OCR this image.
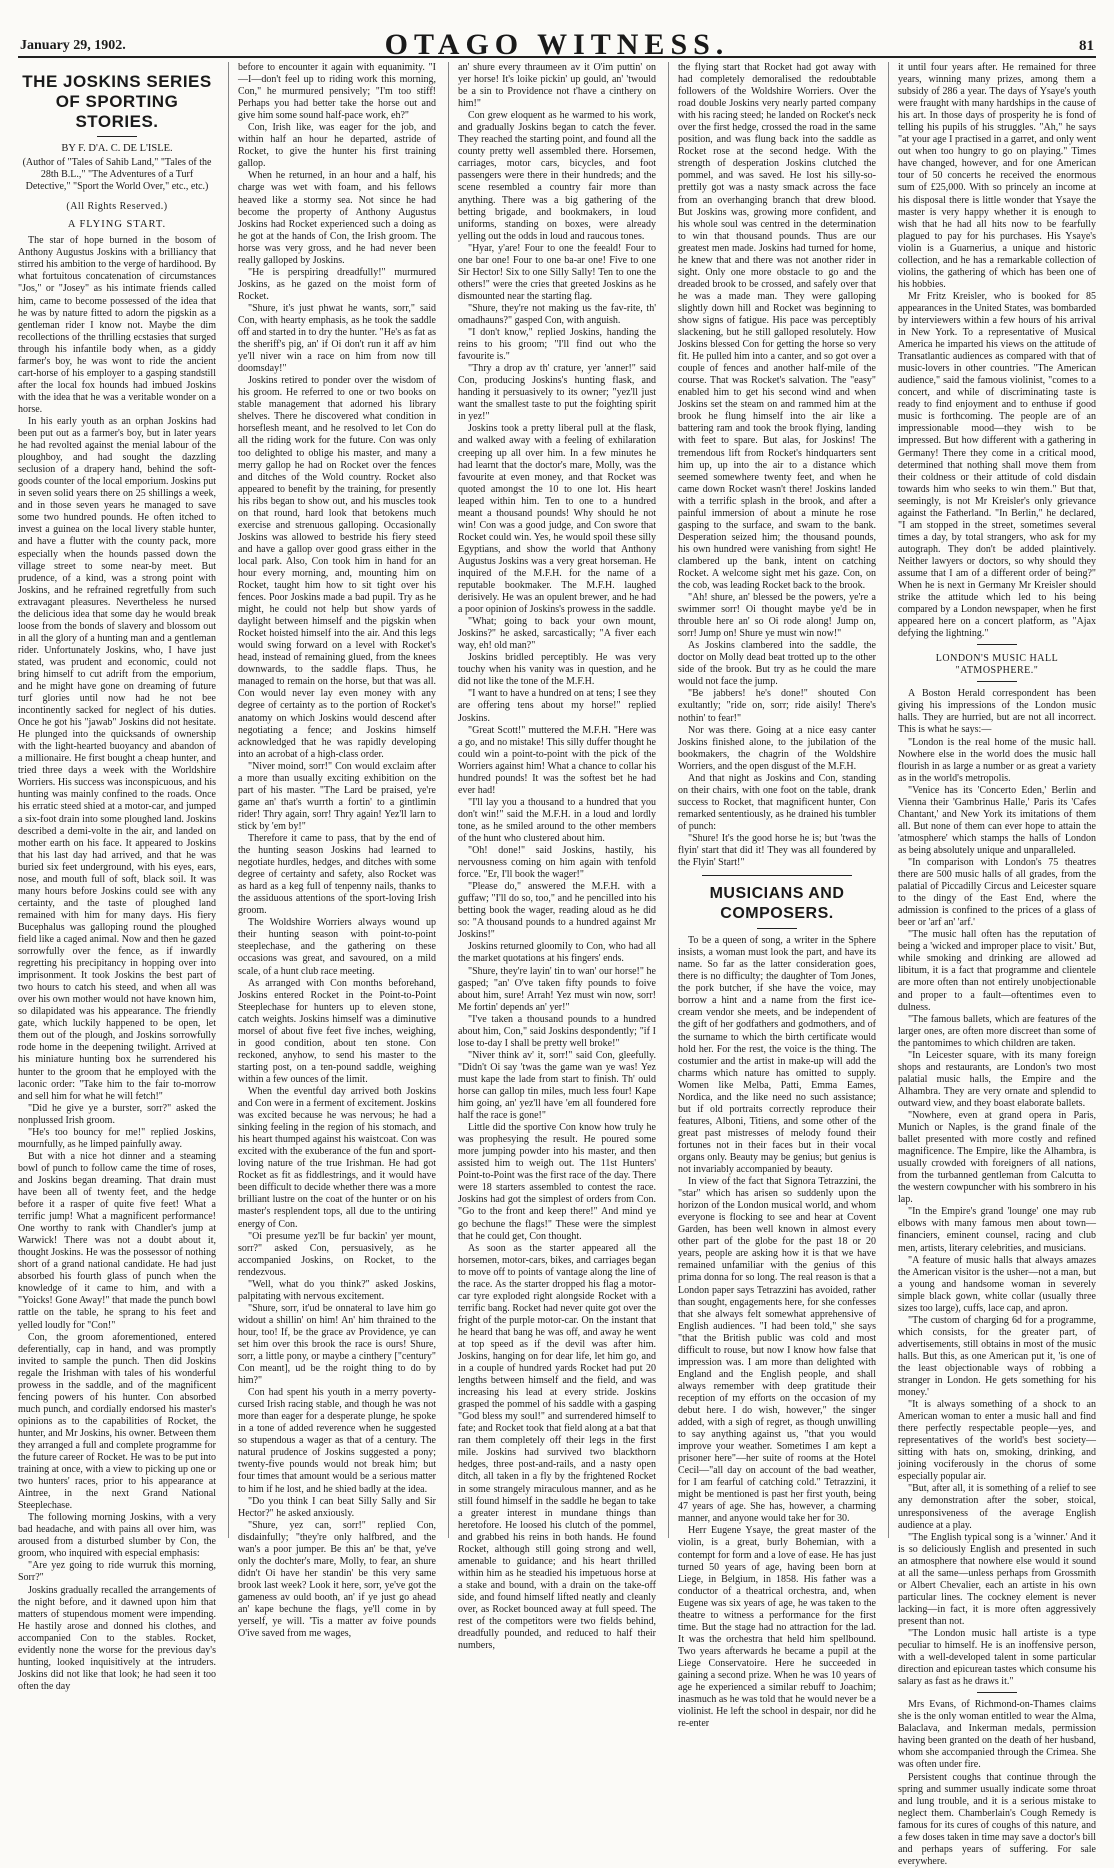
January 29, 1902.	OTAGO WITNESS.	81
THE JOSKINS SERIES OF SPORTING STORIES.
BY F. D'A. C. DE L'ISLE.

(Author of "Tales of Sahib Land," "Tales of the 28th B.L.," "The Adventures of a Turf Detective," "Sport the World Over," etc., etc.)

(All Rights Reserved.)
A FLYING START.

The star of hope burned in the bosom of Anthony Augustus Joskins with a brilliancy that stirred his ambition to the verge of hardihood. By what fortuitous concatenation of circumstances "Jos," or "Josey" as his intimate friends called him, came to become possessed of the idea that he was by nature fitted to adorn the pigskin as a gentleman rider I know not. Maybe the dim recollections of the thrilling ecstasies that surged through his infantile body when, as a giddy farmer's boy, he was wont to ride the ancient cart-horse of his employer to a gasping standstill after the local fox hounds had imbued Joskins with the idea that he was a veritable wonder on a horse.

In his early youth as an orphan Joskins had been put out as a farmer's boy, but in later years he had revolted against the menial labour of the ploughboy, and had sought the dazzling seclusion of a drapery hand, behind the soft-goods counter of the local emporium. Joskins put in seven solid years there on 25 shillings a week, and in those seven years he managed to save some two hundred pounds. He often itched to invest a guinea on the local livery stable hunter, and have a flutter with the county pack, more especially when the hounds passed down the village street to some near-by meet. But prudence, of a kind, was a strong point with Joskins, and he refrained regretfully from such extravagant pleasures. Nevertheless he nursed the delicious idea that some day he would break loose from the bonds of slavery and blossom out in all the glory of a hunting man and a gentleman rider. Unfortunately Joskins, who, I have just stated, was prudent and economic, could not bring himself to cut adrift from the emporium, and he might have gone on dreaming of future turf glories until now had he not bee incontinently sacked for neglect of his duties. Once he got his "jawab" Joskins did not hesitate. He plunged into the quicksands of ownership with the light-hearted buoyancy and abandon of a millionaire. He first bought a cheap hunter, and tried three days a week with the Worldshire Worriers. His success was inconspicuous, and his hunting was mainly confined to the roads. Once his erratic steed shied at a motor-car, and jumped a six-foot drain into some ploughed land. Joskins described a demi-volte in the air, and landed on mother earth on his face. It appeared to Joskins that his last day had arrived, and that he was buried six feet underground, with his eyes, ears, nose, and mouth full of soft, black soil. It was many hours before Joskins could see with any certainty, and the taste of ploughed land remained with him for many days. His fiery Bucephalus was galloping round the ploughed field like a caged animal. Now and then he gazed sorrowfully over the fence, as if inwardly regretting his precipitancy in hopping over into imprisonment. It took Joskins the best part of two hours to catch his steed, and when all was over his own mother would not have known him, so dilapidated was his appearance. The friendly gate, which luckily happened to be open, let them out of the plough, and Joskins sorrowfully rode home in the deepening twilight. Arrived at his miniature hunting box he surrendered his hunter to the groom that he employed with the laconic order: "Take him to the fair to-morrow and sell him for what he will fetch!"

"Did he give ye a burster, sorr?" asked the nonplussed Irish groom.

"He's too bouncy for me!" replied Joskins, mournfully, as he limped painfully away.

But with a nice hot dinner and a steaming bowl of punch to follow came the time of roses, and Joskins began dreaming. That drain must have been all of twenty feet, and the hedge before it a rasper of quite five feet! What a terrific jump! What a magnificent performance! One worthy to rank with Chandler's jump at Warwick! There was not a doubt about it, thought Joskins. He was the possessor of nothing short of a grand national candidate. He had just absorbed his fourth glass of punch when the knowledge of it came to him, and with a "Yoicks! Gone Away!" that made the punch bowl rattle on the table, he sprang to his feet and yelled loudly for "Con!"

Con, the groom aforementioned, entered deferentially, cap in hand, and was promptly invited to sample the punch. Then did Joskins regale the Irishman with tales of his wonderful prowess in the saddle, and of the magnificent fencing powers of his hunter. Con absorbed much punch, and cordially endorsed his master's opinions as to the capabilities of Rocket, the hunter, and Mr Joskins, his owner. Between them they arranged a full and complete programme for the future career of Rocket. He was to be put into training at once, with a view to picking up one or two hunters' races, prior to his appearance at Aintree, in the next Grand National Steeplechase.

The following morning Joskins, with a very bad headache, and with pains all over him, was aroused from a disturbed slumber by Con, the groom, who inquired with especial emphasis:

"Are yez going to ride wurruk this morning, Sorr?"

Joskins gradually recalled the arrangements of the night before, and it dawned upon him that matters of stupendous moment were impending. He hastily arose and donned his clothes, and accompanied Con to the stables. Rocket, evidently none the worse for the previous day's hunting, looked inquisitively at the intruders. Joskins did not like that look; he had seen it too often the day

before to encounter it again with equanimity. "I—I—don't feel up to riding work this morning, Con," he murmured pensively; "I'm too stiff! Perhaps you had better take the horse out and give him some sound half-pace work, eh?"

Con, Irish like, was eager for the job, and within half an hour he departed, astride of Rocket, to give the hunter his first training gallop.

When he returned, in an hour and a half, his charge was wet with foam, and his fellows heaved like a stormy sea. Not since he had become the property of Anthony Augustus Joskins had Rocket experienced such a doing as he got at the hands of Con, the Irish groom. The horse was very gross, and he had never been really galloped by Joskins.

"He is perspiring dreadfully!" murmured Joskins, as he gazed on the moist form of Rocket.

"Shure, it's just phwat he wants, sorr," said Con, with hearty emphasis, as he took the saddle off and started in to dry the hunter. "He's as fat as the sheriff's pig, an' if Oi don't run it aff av him ye'll niver win a race on him from now till doomsday!"

Joskins retired to ponder over the wisdom of his groom. He referred to one or two books on stable management that adorned his library shelves. There he discovered what condition in horseflesh meant, and he resolved to let Con do all the riding work for the future. Con was only too delighted to oblige his master, and many a merry gallop he had on Rocket over the fences and ditches of the Wold country. Rocket also appeared to benefit by the training, for presently his ribs began to show out, and his muscles took on that round, hard look that betokens much exercise and strenuous galloping. Occasionally Joskins was allowed to bestride his fiery steed and have a gallop over good grass either in the local park. Also, Con took him in hand for an hour every morning, and, mounting him on Rocket, taught him how to sit tight over his fences. Poor Joskins made a bad pupil. Try as he might, he could not help but show yards of daylight between himself and the pigskin when Rocket hoisted himself into the air. And this legs would swing forward on a level with Rocket's head, instead of remaining glued, from the knees downwards, to the saddle flaps. Thus, he managed to remain on the horse, but that was all. Con would never lay even money with any degree of certainty as to the portion of Rocket's anatomy on which Joskins would descend after negotiating a fence; and Joskins himself acknowledged that he was rapidly developing into an acrobat of a high-class order.

"Niver moind, sorr!" Con would exclaim after a more than usually exciting exhibition on the part of his master. "The Lard be praised, ye're game an' that's wurrth a fortin' to a gintlimin rider! Thry again, sorr! Thry again! Yez'll larn to stick by 'em by!"

Therefore it came to pass, that by the end of the hunting season Joskins had learned to negotiate hurdles, hedges, and ditches with some degree of certainty and safety, also Rocket was as hard as a keg full of tenpenny nails, thanks to the assiduous attentions of the sport-loving Irish groom.

The Woldshire Worriers always wound up their hunting season with point-to-point steeplechase, and the gathering on these occasions was great, and savoured, on a mild scale, of a hunt club race meeting.

As arranged with Con months beforehand, Joskins entered Rocket in the Point-to-Point Steeplechase for hunters up to eleven stone, catch weights. Joskins himself was a diminutive morsel of about five feet five inches, weighing, in good condition, about ten stone. Con reckoned, anyhow, to send his master to the starting post, on a ten-pound saddle, weighing within a few ounces of the limit.

When the eventful day arrived both Joskins and Con were in a ferment of excitement. Joskins was excited because he was nervous; he had a sinking feeling in the region of his stomach, and his heart thumped against his waistcoat. Con was excited with the exuberance of the fun and sport-loving nature of the true Irishman. He had got Rocket as fit as fiddlestrings, and it would have been difficult to decide whether there was a more brilliant lustre on the coat of the hunter or on his master's resplendent tops, all due to the untiring energy of Con.

"Oi presume yez'll be fur backin' yer mount, sorr?" asked Con, persuasively, as he accompanied Joskins, on Rocket, to the rendezvous.

"Well, what do you think?" asked Joskins, palpitating with nervous excitement.

"Shure, sorr, it'ud be onnateral to lave him go widout a shillin' on him! An' him thrained to the hour, too! If, be the grace av Providence, ye can set him over this brook the race is ours! Shure, sorr, a little pony, or maybe a cinthery ["century" Con meant], ud be the roight thing to do by him?"

Con had spent his youth in a merry poverty-cursed Irish racing stable, and though he was not more than eager for a desperate plunge, he spoke in a tone of added reverence when he suggested so stupendous a wager as that of a century. The natural prudence of Joskins suggested a pony; twenty-five pounds would not break him; but four times that amount would be a serious matter to him if he lost, and he shied badly at the idea.

"Do you think I can beat Silly Sally and Sir Hector?" he asked anxiously.

"Shure, yez can, sorr!" replied Con, disdainfully; "they're only halfbred, and the wan's a poor jumper. Be this an' be that, ye've only the dochter's mare, Molly, to fear, an shure didn't Oi have her standin' be this very same brook last week? Look it here, sorr, ye've got the gameness av ould booth, an' if ye just go ahead an' kape bechune the flags, ye'll come in by yerself, ye will. 'Tis a matter av foive pounds O'ive saved from me wages,

an' shure every thraumeen av it O'im puttin' on yer horse! It's loike pickin' up gould, an' 'twould be a sin to Providence not t'have a cinthery on him!"

Con grew eloquent as he warmed to his work, and gradually Joskins began to catch the fever. They reached the starting point, and found all the county pretty well assembled there. Horsemen, carriages, motor cars, bicycles, and foot passengers were there in their hundreds; and the scene resembled a country fair more than anything. There was a big gathering of the betting brigade, and bookmakers, in loud uniforms, standing on boxes, were already yelling out the odds in loud and raucous tones.

"Hyar, y'are! Four to one the feeald! Four to one bar one! Four to one ba-ar one! Five to one Sir Hector! Six to one Silly Sally! Ten to one the others!" were the cries that greeted Joskins as he dismounted near the starting flag.

"Shure, they're not making us the fav-rite, th' omadhauns?" gasped Con, with anguish.

"I don't know," replied Joskins, handing the reins to his groom; "I'll find out who the favourite is."

"Thry a drop av th' crature, yer 'anner!" said Con, producing Joskins's hunting flask, and handing it persuasively to its owner; "yez'll just want the smallest taste to put the foighting spirit in yez!"

Joskins took a pretty liberal pull at the flask, and walked away with a feeling of exhilaration creeping up all over him. In a few minutes he had learnt that the doctor's mare, Molly, was the favourite at even money, and that Rocket was quoted amongst the 10 to one lot. His heart leaped within him. Ten to one to a hundred meant a thousand pounds! Why should he not win! Con was a good judge, and Con swore that Rocket could win. Yes, he would spoil these silly Egyptians, and show the world that Anthony Augustus Joskins was a very great horseman. He inquired of the M.F.H. for the name of a reputable bookmaker. The M.F.H. laughed derisively. He was an opulent brewer, and he had a poor opinion of Joskins's prowess in the saddle.

"What; going to back your own mount, Joskins?" he asked, sarcastically; "A fiver each way, eh! old man?"

Joskins bridled perceptibly. He was very touchy when his vanity was in question, and he did not like the tone of the M.F.H.

"I want to have a hundred on at tens; I see they are offering tens about my horse!" replied Joskins.

"Great Scott!" muttered the M.F.H. "Here was a go, and no mistake! This silly duffer thought he could win a point-to-point with the pick of the Worriers against him! What a chance to collar his hundred pounds! It was the softest bet he had ever had!

"I'll lay you a thousand to a hundred that you don't win!" said the M.F.H. in a loud and lordly tone, as he smiled around to the other members of the hunt who clustered about him.

"Oh! done!" said Joskins, hastily, his nervousness coming on him again with tenfold force. "Er, I'll book the wager!"

"Please do," answered the M.F.H. with a guffaw; "I'll do so, too," and he pencilled into his betting book the wager, reading aloud as he did so: "A thousand pounds to a hundred against Mr Joskins!"

Joskins returned gloomily to Con, who had all the market quotations at his fingers' ends.

"Shure, they're layin' tin to wan' our horse!" he gasped; "an' O've taken fifty pounds to foive about him, sure! Arrah! Yez must win now, sorr! Me fortin' depends an' yer!"

"I've taken a thousand pounds to a hundred about him, Con," said Joskins despondently; "if I lose to-day I shall be pretty well broke!"

"Niver think av' it, sorr!" said Con, gleefully. "Didn't Oi say 'twas the game wan ye was! Yez must kape the lade from start to finish. Th' ould horse can gallop tin miles, much less four! Kape him going, an' yez'll have 'em all foundered fore half the race is gone!"

Little did the sportive Con know how truly he was prophesying the result. He poured some more jumping powder into his master, and then assisted him to weigh out. The 11st Hunters' Point-to-Point was the first race of the day. There were 18 starters assembled to contest the race. Joskins had got the simplest of orders from Con. "Go to the front and keep there!" And mind ye go bechune the flags!" These were the simplest that he could get, Con thought.

As soon as the starter appeared all the horsemen, motor-cars, bikes, and carriages began to move off to points of vantage along the line of the race. As the starter dropped his flag a motor-car tyre exploded right alongside Rocket with a terrific bang. Rocket had never quite got over the fright of the purple motor-car. On the instant that he heard that bang he was off, and away he went at top speed as if the devil was after him. Joskins, hanging on for dear life, let him go, and in a couple of hundred yards Rocket had put 20 lengths between himself and the field, and was increasing his lead at every stride. Joskins grasped the pommel of his saddle with a gasping "God bless my soul!" and surrendered himself to fate; and Rocket took that field along at a bat that ran them completely off their legs in the first mile. Joskins had survived two blackthorn hedges, three post-and-rails, and a nasty open ditch, all taken in a fly by the frightened Rocket in some strangely miraculous manner, and as he still found himself in the saddle he began to take a greater interest in mundane things than heretofore. He loosed his clutch of the pommel, and grabbed his reins in both hands. He found Rocket, although still going strong and well, amenable to guidance; and his heart thrilled within him as he steadied his impetuous horse at a stake and bound, with a drain on the take-off side, and found himself lifted neatly and cleanly over, as Rocket bounced away at full speed. The rest of the competitors were two fields behind, dreadfully pounded, and reduced to half their numbers,

the flying start that Rocket had got away with had completely demoralised the redoubtable followers of the Woldshire Worriers. Over the road double Joskins very nearly parted company with his racing steed; he landed on Rocket's neck over the first hedge, crossed the road in the same position, and was flung back into the saddle as Rocket rose at the second hedge. With the strength of desperation Joskins clutched the pommel, and was saved. He lost his silly-so-prettily got was a nasty smack across the face from an overhanging branch that drew blood. But Joskins was, growing more confident, and his whole soul was centred in the determination to win that thousand pounds. Thus are our greatest men made. Joskins had turned for home, he knew that and there was not another rider in sight. Only one more obstacle to go and the dreaded brook to be crossed, and safely over that he was a made man. They were galloping slightly down hill and Rocket was beginning to show signs of fatigue. His pace was perceptibly slackening, but he still galloped resolutely. How Joskins blessed Con for getting the horse so very fit. He pulled him into a canter, and so got over a couple of fences and another half-mile of the course. That was Rocket's salvation. The "easy" enabled him to get his second wind and when Joskins set the steam on and rammed him at the brook he flung himself into the air like a battering ram and took the brook flying, landing with feet to spare. But alas, for Joskins! The tremendous lift from Rocket's hindquarters sent him up, up into the air to a distance which seemed somewhere twenty feet, and when he came down Rocket wasn't there! Joskins landed with a terrific splash in the brook, and after a painful immersion of about a minute he rose gasping to the surface, and swam to the bank. Desperation seized him; the thousand pounds, his own hundred were vanishing from sight! He clambered up the bank, intent on catching Rocket. A welcome sight met his gaze. Con, on the cob, was leading Rocket back to the brook.

"Ah! shure, an' blessed be the powers, ye're a swimmer sorr! Oi thought maybe ye'd be in throuble here an' so Oi rode along! Jump on, sorr! Jump on! Shure ye must win now!"

As Joskins clambered into the saddle, the doctor on Molly dead beat trotted up to the other side of the brook. But try as he could the mare would not face the jump.

"Be jabbers! he's done!" shouted Con exultantly; "ride on, sorr; ride aisily! There's nothin' to fear!"

Nor was there. Going at a nice easy canter Joskins finished alone, to the jubilation of the bookmakers, the chagrin of the Woldshire Worriers, and the open disgust of the M.F.H.

And that night as Joskins and Con, standing on their chairs, with one foot on the table, drank success to Rocket, that magnificent hunter, Con remarked sententiously, as he drained his tumbler of punch:

"Shure! It's the good horse he is; but 'twas the flyin' start that did it! They was all foundered by the Flyin' Start!"

MUSICIANS AND COMPOSERS.

To be a queen of song, a writer in the Sphere insists, a woman must look the part, and have its name. So far as the latter consideration goes, there is no difficulty; the daughter of Tom Jones, the pork butcher, if she have the voice, may borrow a hint and a name from the first ice-cream vendor she meets, and be independent of the gift of her godfathers and godmothers, and of the surname to which the birth certificate would hold her. For the rest, the voice is the thing. The costumier and the artist in make-up will add the charms which nature has omitted to supply. Women like Melba, Patti, Emma Eames, Nordica, and the like need no such assistance; but if old portraits correctly reproduce their features, Alboni, Titiens, and some other of the great past mistresses of melody found their fortunes not in their faces but in their vocal organs only. Beauty may be genius; but genius is not invariably accompanied by beauty.

In view of the fact that Signora Tetrazzini, the "star" which has arisen so suddenly upon the horizon of the London musical world, and whom everyone is flocking to see and hear at Covent Garden, has been well known in almost every other part of the globe for the past 18 or 20 years, people are asking how it is that we have remained unfamiliar with the genius of this prima donna for so long. The real reason is that a London paper says Tetrazzini has avoided, rather than sought, engagements here, for she confesses that she always felt somewhat apprehensive of English audiences. "I had been told," she says "that the British public was cold and most difficult to rouse, but now I know how false that impression was. I am more than delighted with England and the English people, and shall always remember with deep gratitude their reception of my efforts on the occasion of my debut here. I do wish, however," the singer added, with a sigh of regret, as though unwilling to say anything against us, "that you would improve your weather. Sometimes I am kept a prisoner here"—her suite of rooms at the Hotel Cecil—"all day on account of the bad weather, for I am fearful of catching cold." Tetrazzini, it might be mentioned is past her first youth, being 47 years of age. She has, however, a charming manner, and anyone would take her for 30.

Herr Eugene Ysaye, the great master of the violin, is a great, burly Bohemian, with a contempt for form and a love of ease. He has just turned 50 years of age, having been born at Liege, in Belgium, in 1858. His father was a conductor of a theatrical orchestra, and, when Eugene was six years of age, he was taken to the theatre to witness a performance for the first time. But the stage had no attraction for the lad. It was the orchestra that held him spellbound. Two years afterwards he became a pupil at the Liege Conservatoire. Here he succeeded in gaining a second prize. When he was 10 years of age he experienced a similar rebuff to Joachim; inasmuch as he was told that he would never be a violinist. He left the school in despair, nor did he re-enter

it until four years after. He remained for three years, winning many prizes, among them a subsidy of 286 a year. The days of Ysaye's youth were fraught with many hardships in the cause of his art. In those days of prosperity he is fond of telling his pupils of his struggles. "Ah," he says "at your age I practised in a garret, and only went out when too hungry to go on playing." Times have changed, however, and for one American tour of 50 concerts he received the enormous sum of £25,000. With so princely an income at his disposal there is little wonder that Ysaye the master is very happy whether it is enough to wish that he had all hits now to be fearfully plagued to pay for his purchases. His Ysaye's violin is a Guarnerius, a unique and historic collection, and he has a remarkable collection of violins, the gathering of which has been one of his hobbies.

Mr Fritz Kreisler, who is booked for 85 appearances in the United States, was bombarded by interviewers within a few hours of his arrival in New York. To a representative of Musical America he imparted his views on the attitude of Transatlantic audiences as compared with that of music-lovers in other countries. "The American audience," said the famous violinist, "comes to a concert, and while of discriminating taste is ready to find enjoyment and to enthuse if good music is forthcoming. The people are of an impressionable mood—they wish to be impressed. But how different with a gathering in Germany! There they come in a critical mood, determined that nothing shall move them from their coldness or their attitude of cold disdain towards him who seeks to win them." But that, seemingly, is not Mr Kreisler's only grievance against the Fatherland. "In Berlin," he declared, "I am stopped in the street, sometimes several times a day, by total strangers, who ask for my autograph. They don't be added plaintively. Neither lawyers or doctors, so why should they assume that I am of a different order of being?" When he is next in Germany Mr Kreisler should strike the attitude which led to his being compared by a London newspaper, when he first appeared here on a concert platform, as "Ajax defying the lightning."

LONDON'S MUSIC HALL "ATMOSPHERE."

A Boston Herald correspondent has been giving his impressions of the London music halls. They are hurried, but are not all incorrect. This is what he says:—

"London is the real home of the music hall. Nowhere else in the world does the music hall flourish in as large a number or as great a variety as in the world's metropolis.

"Venice has its 'Concerto Eden,' Berlin and Vienna their 'Gambrinus Halle,' Paris its 'Cafes Chantant,' and New York its imitations of them all. But none of them can ever hope to attain the 'atmosphere' which stamps the halls of London as being absolutely unique and unparalleled.

"In comparison with London's 75 theatres there are 500 music halls of all grades, from the palatial of Piccadilly Circus and Leicester square to the dingy of the East End, where the admission is confined to the prices of a glass of beer or 'arf an' 'arf.'

"The music hall often has the reputation of being a 'wicked and improper place to visit.' But, while smoking and drinking are allowed ad libitum, it is a fact that programme and clientele are more often than not entirely unobjectionable and proper to a fault—oftentimes even to dulness.

"The famous ballets, which are features of the larger ones, are often more discreet than some of the pantomimes to which children are taken.

"In Leicester square, with its many foreign shops and restaurants, are London's two most palatial music halls, the Empire and the Alhambra. They are very ornate and splendid to outward view, and they boast elaborate ballets.

"Nowhere, even at grand opera in Paris, Munich or Naples, is the grand finale of the ballet presented with more costly and refined magnificence. The Empire, like the Alhambra, is usually crowded with foreigners of all nations, from the turbanned gentleman from Calcutta to the western cowpuncher with his sombrero in his lap.

"In the Empire's grand 'lounge' one may rub elbows with many famous men about town—financiers, eminent counsel, racing and club men, artists, literary celebrities, and musicians.

"A feature of music halls that always amazes the American visitor is the usher—not a man, but a young and handsome woman in severely simple black gown, white collar (usually three sizes too large), cuffs, lace cap, and apron.

"The custom of charging 6d for a programme, which consists, for the greater part, of advertisements, still obtains in most of the music halls. But this, as one American put it, 'is one of the least objectionable ways of robbing a stranger in London. He gets something for his money.'

"It is always something of a shock to an American woman to enter a music hall and find there perfectly respectable people—yes, and representatives of the world's best society—sitting with hats on, smoking, drinking, and joining vociferously in the chorus of some especially popular air.

"But, after all, it is something of a relief to see any demonstration after the sober, stoical, unresponsiveness of the average English audience at a play.

"The English typical song is a 'winner.' And it is so deliciously English and presented in such an atmosphere that nowhere else would it sound at all the same—unless perhaps from Grossmith or Albert Chevalier, each an artiste in his own particular lines. The cockney element is never lacking—in fact, it is more often aggressively present than not.

"The London music hall artiste is a type peculiar to himself. He is an inoffensive person, with a well-developed talent in some particular direction and epicurean tastes which consume his salary as fast as he draws it."

Mrs Evans, of Richmond-on-Thames claims she is the only woman entitled to wear the Alma, Balaclava, and Inkerman medals, permission having been granted on the death of her husband, whom she accompanied through the Crimea. She was often under fire.

Persistent coughs that continue through the spring and summer usually indicate some throat and lung trouble, and it is a serious mistake to neglect them. Chamberlain's Cough Remedy is famous for its cures of coughs of this nature, and a few doses taken in time may save a doctor's bill and perhaps years of suffering. For sale everywhere.
